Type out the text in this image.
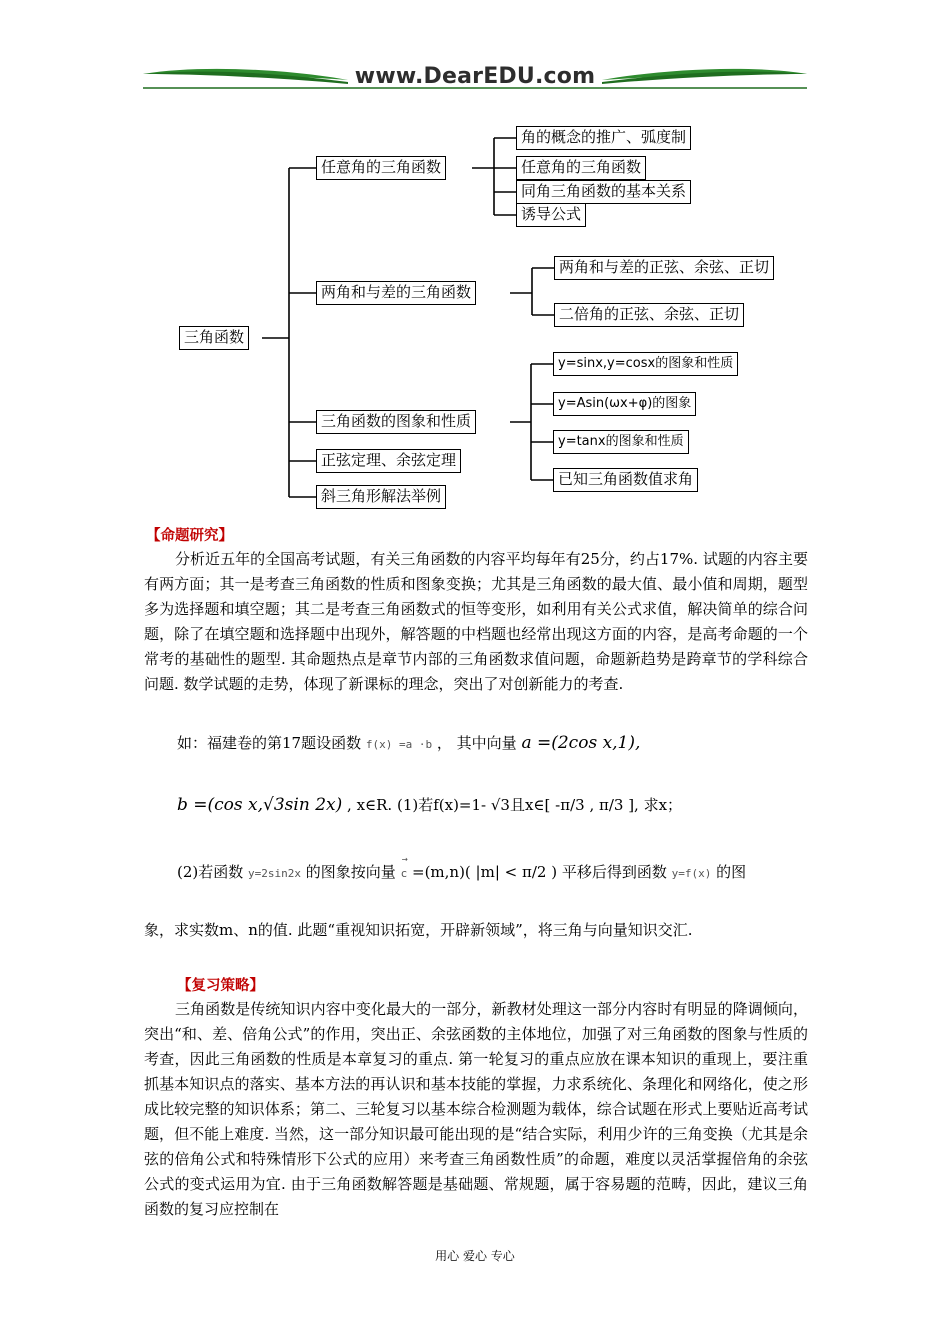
www.DearEDU.com
三角函数
任意角的三角函数
角的概念的推广、弧度制
任意角的三角函数
同角三角函数的基本关系
诱导公式
两角和与差的三角函数
两角和与差的正弦、余弦、正切
二倍角的正弦、余弦、正切
三角函数的图象和性质
y=sinx,y=cosx的图象和性质
y=Asin(ωx+φ)的图象
y=tanx的图象和性质
已知三角函数值求角
正弦定理、余弦定理
斜三角形解法举例
【命题研究】

分析近五年的全国高考试题，有关三角函数的内容平均每年有25分，约占17%. 试题的内容主要有两方面；其一是考查三角函数的性质和图象变换；尤其是三角函数的最大值、最小值和周期，题型多为选择题和填空题；其二是考查三角函数式的恒等变形，如利用有关公式求值，解决简单的综合问题，除了在填空题和选择题中出现外，解答题的中档题也经常出现这方面的内容，是高考命题的一个常考的基础性的题型. 其命题热点是章节内部的三角函数求值问题，命题新趋势是跨章节的学科综合问题. 数学试题的走势，体现了新课标的理念，突出了对创新能力的考查.

如：福建卷的第17题设函数 f(x) =a ·b ， 其中向量 a =(2cos x,1),
b =(cos x,√3sin 2x) , x∈R. (1)若f(x)=1- √3且x∈[ -π/3 , π/3 ], 求x；
(2)若函数 y=2sin2x 的图象按向量
→
c =(m,n)( |m| < π/2 ) 平移后得到函数 y=f(x) 的图
象，求实数m、n的值. 此题“重视知识拓宽，开辟新领域”，将三角与向量知识交汇.
【复习策略】

三角函数是传统知识内容中变化最大的一部分，新教材处理这一部分内容时有明显的降调倾向，突出“和、差、倍角公式”的作用，突出正、余弦函数的主体地位，加强了对三角函数的图象与性质的考查，因此三角函数的性质是本章复习的重点. 第一轮复习的重点应放在课本知识的重现上，要注重抓基本知识点的落实、基本方法的再认识和基本技能的掌握，力求系统化、条理化和网络化，使之形成比较完整的知识体系；第二、三轮复习以基本综合检测题为载体，综合试题在形式上要贴近高考试题，但不能上难度. 当然，这一部分知识最可能出现的是“结合实际，利用少许的三角变换（尤其是余弦的倍角公式和特殊情形下公式的应用）来考查三角函数性质”的命题，难度以灵活掌握倍角的余弦公式的变式运用为宜. 由于三角函数解答题是基础题、常规题，属于容易题的范畴，因此，建议三角函数的复习应控制在

用心 爱心 专心
